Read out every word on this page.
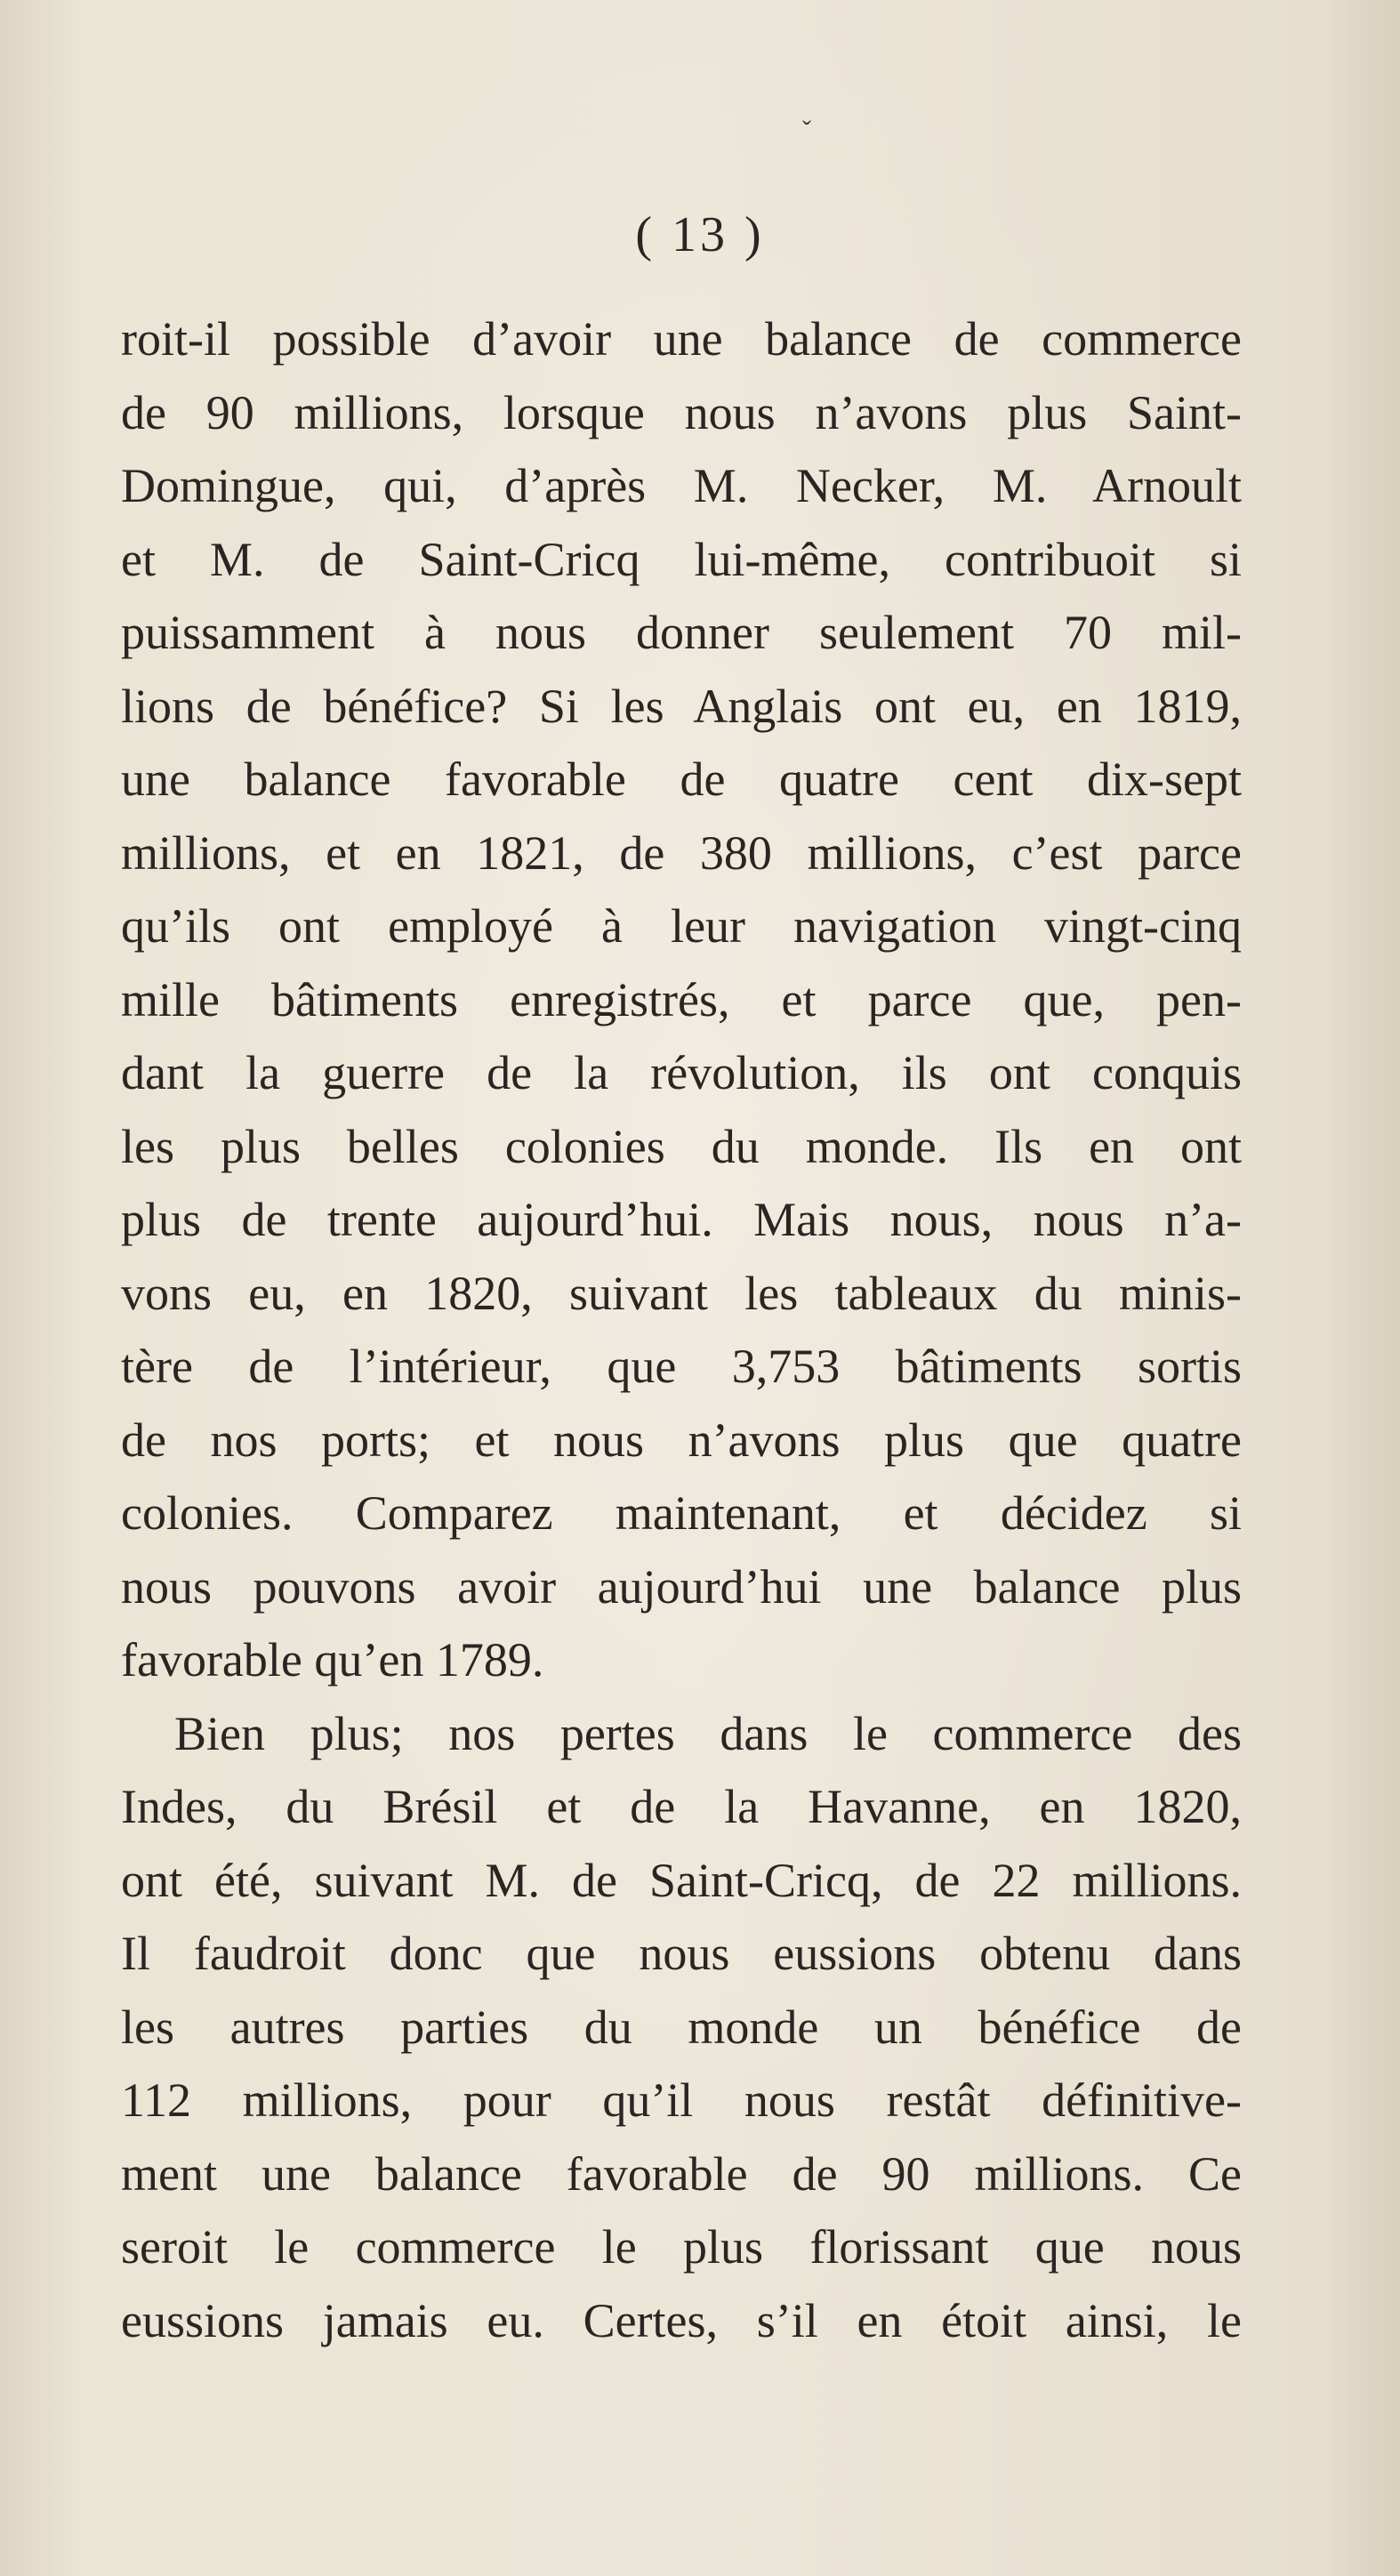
ˇ
( 13 )
roit-il possible d’avoir une balance de commerce
de 90 millions, lorsque nous n’avons plus Saint-
Domingue, qui, d’après M. Necker, M. Arnoult
et M. de Saint-Cricq lui-même, contribuoit si
puissamment à nous donner seulement 70 mil-
lions de bénéfice? Si les Anglais ont eu, en 1819,
une balance favorable de quatre cent dix-sept
millions, et en 1821, de 380 millions, c’est parce
qu’ils ont employé à leur navigation vingt-cinq
mille bâtiments enregistrés, et parce que, pen-
dant la guerre de la révolution, ils ont conquis
les plus belles colonies du monde. Ils en ont
plus de trente aujourd’hui. Mais nous, nous n’a-
vons eu, en 1820, suivant les tableaux du minis-
tère de l’intérieur, que 3,753 bâtiments sortis
de nos ports; et nous n’avons plus que quatre
colonies. Comparez maintenant, et décidez si
nous pouvons avoir aujourd’hui une balance plus
favorable qu’en 1789.
Bien plus; nos pertes dans le commerce des
Indes, du Brésil et de la Havanne, en 1820,
ont été, suivant M. de Saint-Cricq, de 22 millions.
Il faudroit donc que nous eussions obtenu dans
les autres parties du monde un bénéfice de
112 millions, pour qu’il nous restât définitive-
ment une balance favorable de 90 millions. Ce
seroit le commerce le plus florissant que nous
eussions jamais eu. Certes, s’il en étoit ainsi, le
